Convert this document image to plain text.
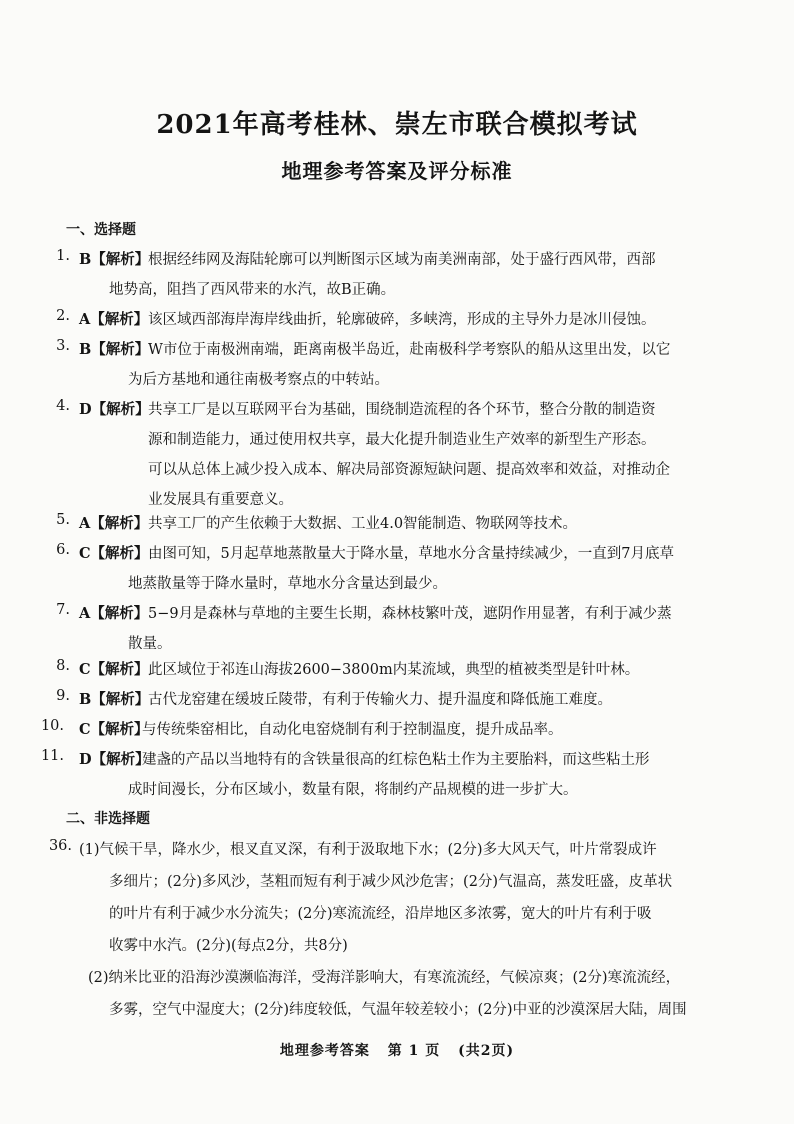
2021年高考桂林、崇左市联合模拟考试
地理参考答案及评分标准
一、选择题
1. B【解析】
根据经纬网及海陆轮廓可以判断图示区域为南美洲南部，处于盛行西风带，西部
地势高，阻挡了西风带来的水汽，故B正确。
2. A【解析】 该区域西部海岸海岸线曲折，轮廓破碎，多峡湾，形成的主导外力是冰川侵蚀。
3. B【解析】
W市位于南极洲南端，距离南极半岛近，赴南极科学考察队的船从这里出发，以它
为后方基地和通往南极考察点的中转站。
4. D【解析】
共享工厂是以互联网平台为基础，围绕制造流程的各个环节，整合分散的制造资
源和制造能力，通过使用权共享，最大化提升制造业生产效率的新型生产形态。
可以从总体上减少投入成本、解决局部资源短缺问题、提高效率和效益，对推动企
业发展具有重要意义。
5. A【解析】 共享工厂的产生依赖于大数据、工业4.0智能制造、物联网等技术。
6. C【解析】 由图可知，5月起草地蒸散量大于降水量，草地水分含量持续减少，一直到7月底草
地蒸散量等于降水量时，草地水分含量达到最少。
7. A【解析】 5−9月是森林与草地的主要生长期，森林枝繁叶茂，遮阴作用显著，有利于减少蒸
散量。
8. C【解析】 此区域位于祁连山海拔2600−3800m内某流域，典型的植被类型是针叶林。
9. B【解析】
古代龙窑建在缓坡丘陵带，有利于传输火力、提升温度和降低施工难度。
10. C【解析】
与传统柴窑相比，自动化电窑烧制有利于控制温度，提升成品率。
11. D【解析】
建盏的产品以当地特有的含铁量很高的红棕色粘土作为主要胎料，而这些粘土形
成时间漫长，分布区域小，数量有限，将制约产品规模的进一步扩大。
二、非选择题
36. (1)气候干旱，降水少，根叉直叉深，有利于汲取地下水；(2分)多大风天气，叶片常裂成许
多细片；(2分)多风沙，茎粗而短有利于减少风沙危害；(2分)气温高，蒸发旺盛，皮革状
的叶片有利于减少水分流失；(2分)寒流流经，沿岸地区多浓雾，宽大的叶片有利于吸
收雾中水汽。(2分)(每点2分，共8分)
(2)纳米比亚的沿海沙漠濒临海洋，受海洋影响大，有寒流流经，气候凉爽；(2分)寒流流经，
多雾，空气中湿度大；(2分)纬度较低，气温年较差较小；(2分)中亚的沙漠深居大陆，周围
地理参考答案 第 1 页 (共2页)
